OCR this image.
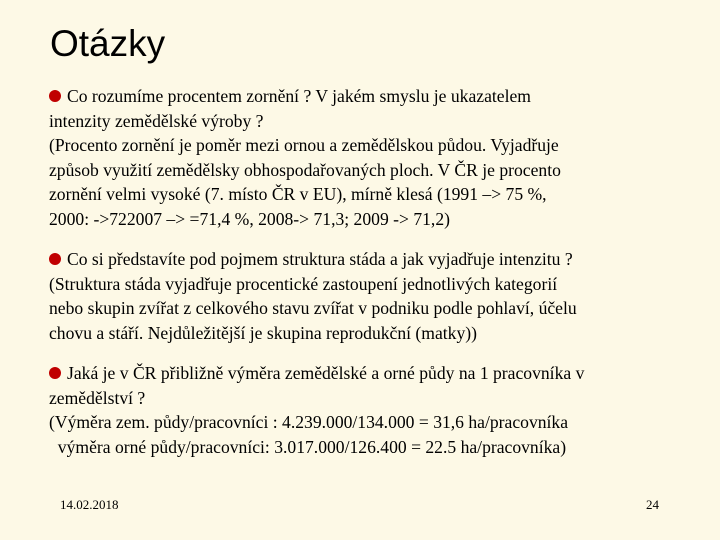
Otázky

Co rozumíme procentem zornění ? V jakém smyslu je ukazatelem
intenzity zemědělské výroby ?
(Procento zornění je poměr mezi ornou a zemědělskou půdou. Vyjadřuje
způsob využití zemědělsky obhospodařovaných ploch. V ČR je procento
zornění velmi vysoké (7. místo ČR v EU), mírně klesá (1991 –> 75 %,
2000: ->722007 –> =71,4 %, 2008-> 71,3; 2009 -> 71,2)

Co si představíte pod pojmem struktura stáda a jak vyjadřuje intenzitu ?
(Struktura stáda vyjadřuje procentické zastoupení jednotlivých kategorií
nebo skupin zvířat z celkového stavu zvířat v podniku podle pohlaví, účelu
chovu a stáří. Nejdůležitější je skupina reprodukční (matky))

Jaká je v ČR přibližně výměra zemědělské a orné půdy na 1 pracovníka v
zemědělství ?
(Výměra zem. půdy/pracovníci : 4.239.000/134.000 = 31,6 ha/pracovníka
výměra orné půdy/pracovníci: 3.017.000/126.400 = 22.5 ha/pracovníka)

14.02.2018	24
